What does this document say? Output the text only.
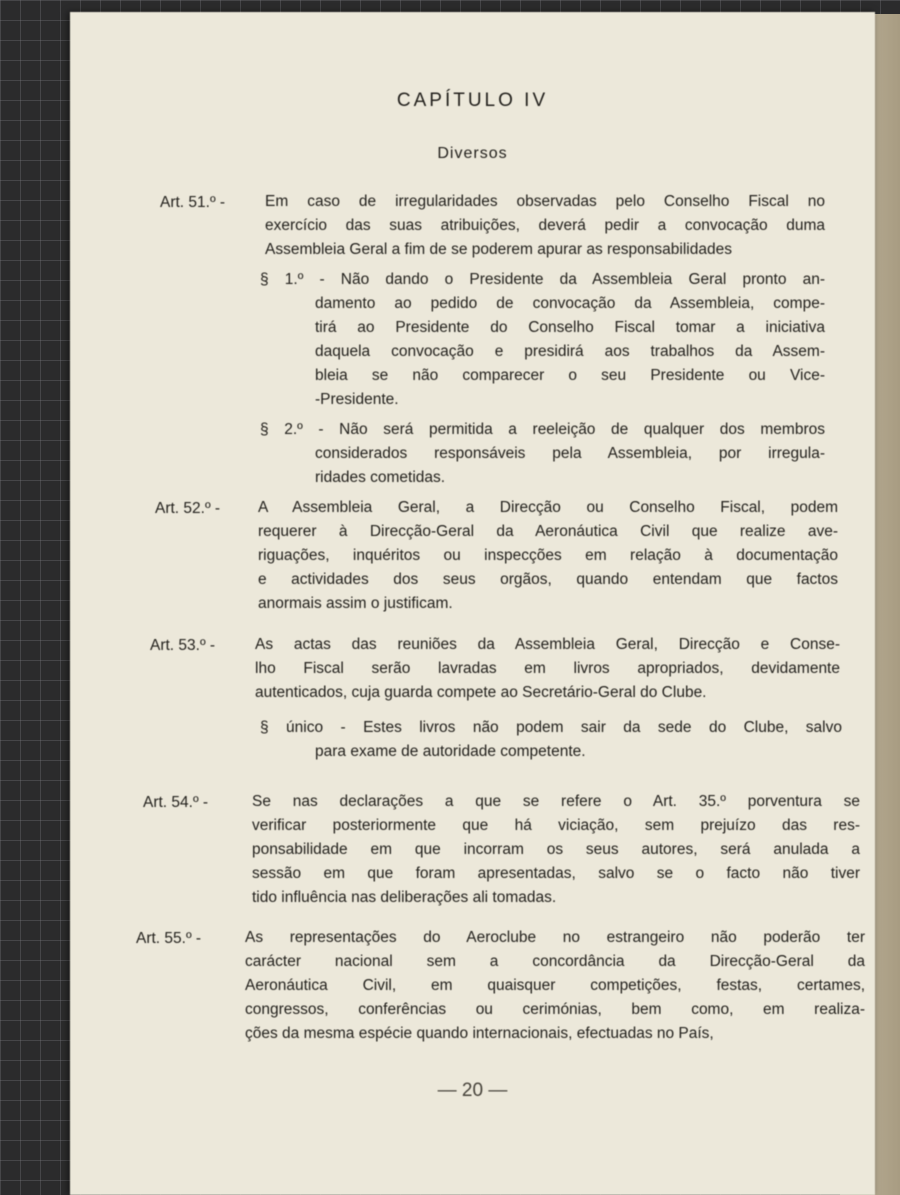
CAPÍTULO IV
Diversos
Art. 51.º -	Em caso de irregularidades observadas pelo Conselho Fiscal no
exercício das suas atribuições, deverá pedir a convocação duma
Assembleia Geral a fim de se poderem apurar as responsabilidades
§ 1.º - Não dando o Presidente da Assembleia Geral pronto an-
damento ao pedido de convocação da Assembleia, compe-
tirá ao Presidente do Conselho Fiscal tomar a iniciativa
daquela convocação e presidirá aos trabalhos da Assem-
bleia se não comparecer o seu Presidente ou Vice-
-Presidente.
§ 2.º - Não será permitida a reeleição de qualquer dos membros
considerados responsáveis pela Assembleia, por irregula-
ridades cometidas.
Art. 52.º - A Assembleia Geral, a Direcção ou Conselho Fiscal, podem
requerer à Direcção-Geral da Aeronáutica Civil que realize ave-
riguações, inquéritos ou inspecções em relação à documentação
e actividades dos seus orgãos, quando entendam que factos
anormais assim o justificam.
Art. 53.º -	As actas das reuniões da Assembleia Geral, Direcção e Conse-
lho Fiscal serão lavradas em livros apropriados, devidamente
autenticados, cuja guarda compete ao Secretário-Geral do Clube.
§ único - Estes livros não podem sair da sede do Clube, salvo
para exame de autoridade competente.
Art. 54.º -	Se nas declarações a que se refere o Art. 35.º porventura se
verificar posteriormente que há viciação, sem prejuízo das res-
ponsabilidade em que incorram os seus autores, será anulada a
sessão em que foram apresentadas, salvo se o facto não tiver
tido influência nas deliberações ali tomadas.
Art. 55.º -	As representações do Aeroclube no estrangeiro não poderão ter
carácter nacional sem a concordância da Direcção-Geral da
Aeronáutica Civil, em quaisquer competições, festas, certames,
congressos, conferências ou cerimónias, bem como, em realiza-
ções da mesma espécie quando internacionais, efectuadas no País,
— 20 —
